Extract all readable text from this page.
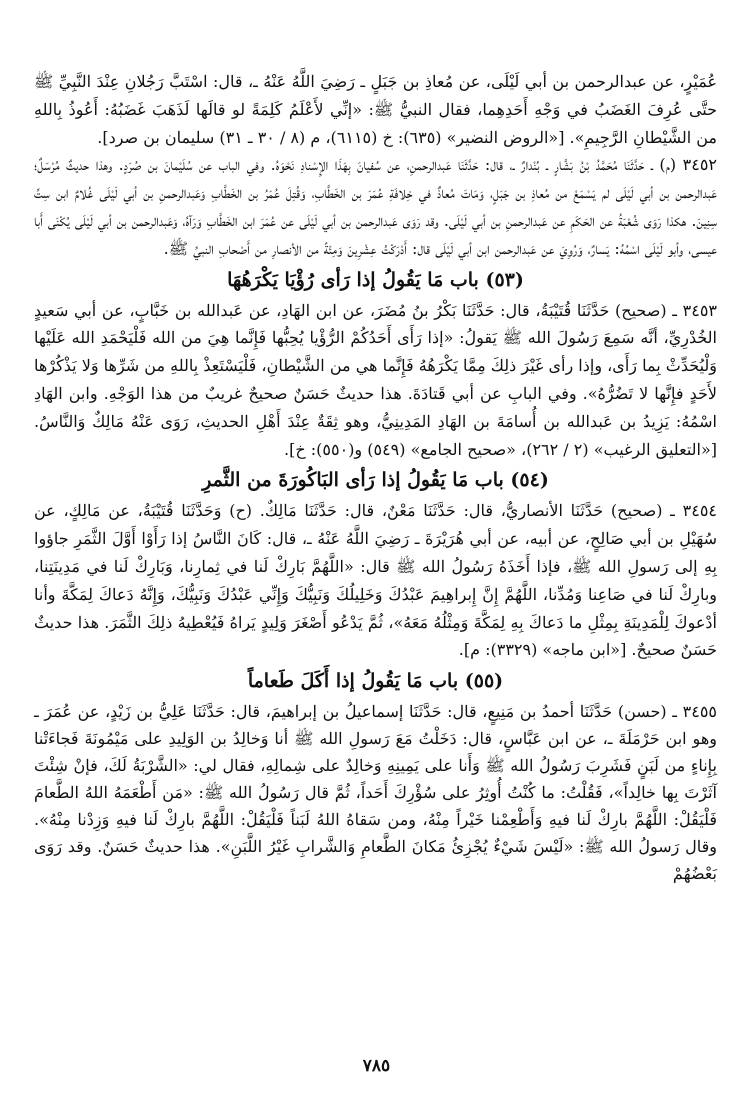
عُمَيْرٍ، عن عبدالرحمن بن أبي لَيْلَى، عن مُعاذِ بن جَبَلٍ ـ رَضِيَ اللَّهُ عَنْهُ ـ، قال: اسْتَبَّ رَجُلانِ عِنْدَ النَّبِيِّ ﷺ حتَّى عُرِفَ الغَضَبُ في وَجْهِ أَحَدِهِما، فقال النبيُّ ﷺ: «إنِّي لأَعْلَمُ كَلِمَةً لو قالَها لَذَهَبَ غَضَبُهُ: أَعُوذُ بِاللهِ من الشَّيْطانِ الرَّجِيمِ». [«الروض النضير» (٦٣٥): خ (٦١١٥)، م (٨ / ٣٠ ـ ٣١) سليمان بن صرد].
٣٤٥٢ (م) ـ حَدَّثَنَا مُحَمَّدُ بْنُ بَشَّارٍ ـ بُنْدارٌ ـ، قال: حَدَّثَنَا عَبدالرحمنِ، عن سُفيانَ بِهَذَا الإِسْنادِ نَحْوَهُ. وفي الباب عن سُلَيْمانَ بن صُرَدٍ. وهذا حديثٌ مُرْسَلٌ؛ عَبدالرحمن بن أبي لَيْلَى لم يَسْمَعْ من مُعاذِ بن جَبَلٍ، وَمَاتَ مُعاذٌ في خِلافَةِ عُمَرَ بن الخَطَّابِ، وَقُتِلَ عُمَرُ بن الخَطَّابِ وَعَبدالرحمنِ بن أبي لَيْلَى غُلامٌ ابن سِتِّ سِنِينَ. هكذا رَوَى شُعْبَةُ عن الحَكَمِ عن عَبدالرحمنِ بن أبي لَيْلَى. وقد رَوَى عَبدالرحمن بن أبي لَيْلَى عن عُمَرَ ابن الخَطَّابِ وَرَآهُ، وَعَبدالرحمن بن أبي لَيْلَى يُكْنَى أَبا عيسى، وأبو لَيْلَى اسْمُهُ: يَسارٌ، وَرُوِيَ عن عَبدالرحمن ابن أبي لَيْلَى قال: أَدْرَكْتُ عِشْرِينَ وَمِئَةً من الأنصارِ من أَصْحابِ النبيِّ ﷺ.
(٥٣) باب مَا يَقُولُ إذا رَأى رُؤْيَا يَكْرَهُهَا
٣٤٥٣ ـ (صحيح) حَدَّثَنَا قُتَيْبَةُ، قال: حَدَّثَنَا بَكْرُ بنُ مُضَرَ، عن ابن الهَادِ، عن عَبدالله بن خَبَّابٍ، عن أبي سَعيدٍ الخُدْرِيِّ، أنَّه سَمِعَ رَسُولَ الله ﷺ يَقولُ: «إذا رَأَى أَحَدُكُمْ الرُّؤْيا يُحِبُّها فَإِنَّما هِيَ من الله فَلْيَحْمَدِ الله عَلَيْها وَلْيُحَدِّثْ بِما رَأَى، وإذا رأى غَيْرَ ذلِكَ مِمَّا يَكْرَهُهُ فَإِنَّما هي من الشَّيْطانِ، فَلْيَسْتَعِذْ بِاللهِ من شَرِّها وَلا يَذْكُرْها لأَحَدٍ فإِنَّها لا تَضُرُّهُ». وفي البابِ عن أبي قَتادَةَ. هذا حديثٌ حَسَنٌ صحيحٌ غريبٌ من هذا الوَجْهِ. وابن الهَادِ اسْمُهُ: يَزِيدُ بن عَبدالله بن أُسامَةَ بن الهَادِ المَدِينِيُّ، وهو ثِقَةٌ عِنْدَ أَهْلِ الحديثِ، رَوَى عَنْهُ مَالِكٌ وَالنَّاسُ. [«التعليق الرغيب» (٢ / ٢٦٢)، «صحيح الجامع» (٥٤٩) و(٥٥٠): خ].
(٥٤) باب مَا يَقُولُ إذا رَأى البَاكُورَةَ من الثَّمرِ
٣٤٥٤ ـ (صحيح) حَدَّثَنَا الأنصاريُّ، قال: حَدَّثَنَا مَعْنٌ، قال: حَدَّثَنَا مَالِكٌ. (ح) وَحَدَّثَنَا قُتَيْبَةُ، عن مَالِكٍ، عن سُهَيْلِ بن أبي صَالِحٍ، عن أبيه، عن أبي هُرَيْرَةَ ـ رَضِيَ اللَّهُ عَنْهُ ـ، قال: كَانَ النَّاسُ إذا رَأَوْا أَوَّلَ الثَّمَرِ جاؤوا بِهِ إلى رَسولِ الله ﷺ، فإذا أَخَذَهُ رَسُولُ الله ﷺ قال: «اللَّهُمَّ بَارِكْ لَنا في ثِمارِنا، وَبَارِكْ لَنا في مَدِينَتِنا، وبارِكْ لَنا في صَاعِنا وَمُدِّنا، اللَّهُمَّ إِنَّ إِبراهِيمَ عَبْدُكَ وَخَلِيلُكَ وَنَبِيُّكَ وَإِنِّي عَبْدُكَ وَنَبِيُّكَ، وَإِنَّهُ دَعاكَ لِمَكَّةَ وأنا أدْعوكَ لِلْمَدِينَةِ بِمِثْلِ ما دَعاكَ بِهِ لِمَكَّةَ وَمِثْلُهُ مَعَهُ»، ثُمَّ يَدْعُو أَصْغَرَ وَلِيدٍ يَراهُ فَيُعْطِيهُ ذلِكَ الثَّمَرَ. هذا حديثٌ حَسَنٌ صحيحٌ. [«ابن ماجه» (٣٣٢٩): م].
(٥٥) باب مَا يَقُولُ إذا أَكَلَ طَعاماً
٣٤٥٥ ـ (حسن) حَدَّثَنَا أحمدُ بن مَنِيعٍ، قال: حَدَّثَنَا إسماعيلُ بن إبراهيمَ، قال: حَدَّثَنَا عَلِيُّ بن زَيْدٍ، عن عُمَرَ ـ وهو ابن حَرْمَلَةَ ـ، عن ابن عَبَّاسٍ، قال: دَخَلْتُ مَعَ رَسولِ الله ﷺ أنا وَخالِدُ بن الوَلِيدِ على مَيْمُونَةَ فَجاءَتْنا بِإِناءٍ من لَبَنٍ فَشَرِبَ رَسُولُ الله ﷺ وَأَنا على يَمِينِهِ وَخالِدٌ على شِمالِهِ، فقال لي: «الشَّرْبَةُ لَكَ، فإنْ شِئْتَ آثَرْتَ بِها خالِداً»، فَقُلْتُ: ما كُنْتُ أُوثِرُ على سُؤْرِكَ أَحَداً، ثُمَّ قال رَسُولُ الله ﷺ: «مَن أَطْعَمَهُ اللهُ الطَّعامَ فَلْيَقُلْ: اللَّهُمَّ بارِكْ لَنا فيهِ وَأَطْعِمْنا خَيْراً مِنْهُ، ومن سَقاهُ اللهُ لَبَناً فَلْيَقُلْ: اللَّهُمَّ بارِكْ لَنا فيهِ وَزِدْنا مِنْهُ». وقال رَسولُ الله ﷺ: «لَيْسَ شَيْءٌ يُجْزِئُ مَكانَ الطَّعامِ وَالشَّرابِ غَيْرُ اللَّبَنِ». هذا حديثٌ حَسَنٌ. وقد رَوَى بَعْضُهُمْ
٧٨٥
